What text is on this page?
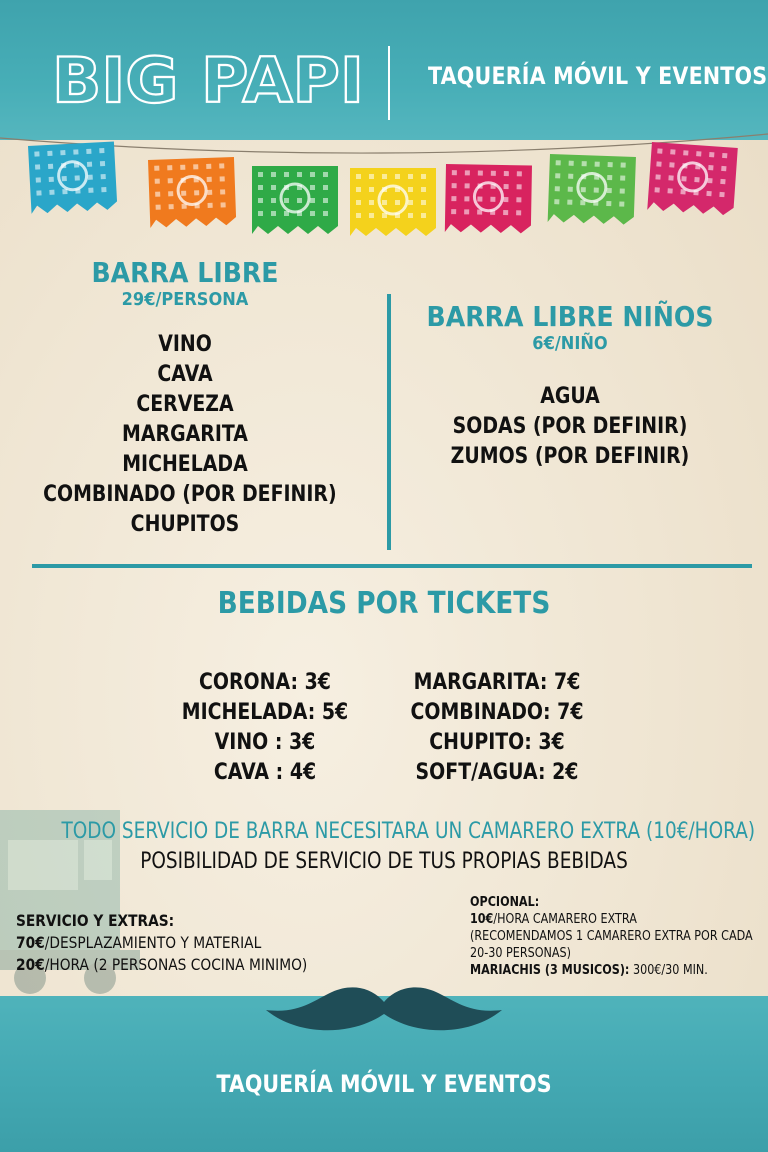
BIG PAPI	TAQUERÍA MÓVIL Y EVENTOS
BARRA LIBRE
29€/PERSONA
VINO
CAVA
CERVEZA
MARGARITA
MICHELADA
COMBINADO (POR DEFINIR)
CHUPITOS
BARRA LIBRE NIÑOS
6€/NIÑO
AGUA
SODAS (POR DEFINIR)
ZUMOS (POR DEFINIR)
BEBIDAS POR TICKETS
CORONA: 3€
MICHELADA: 5€
VINO : 3€
CAVA : 4€
MARGARITA: 7€
COMBINADO: 7€
CHUPITO: 3€
SOFT/AGUA: 2€
TODO SERVICIO DE BARRA NECESITARA UN CAMARERO EXTRA (10€/HORA)
POSIBILIDAD DE SERVICIO DE TUS PROPIAS BEBIDAS
SERVICIO Y EXTRAS:
70€/DESPLAZAMIENTO Y MATERIAL
20€/HORA (2 PERSONAS COCINA MINIMO)
OPCIONAL:
10€/HORA CAMARERO EXTRA
(RECOMENDAMOS 1 CAMARERO EXTRA POR CADA
20-30 PERSONAS)
MARIACHIS (3 MUSICOS): 300€/30 MIN.
TAQUERÍA MÓVIL Y EVENTOS
